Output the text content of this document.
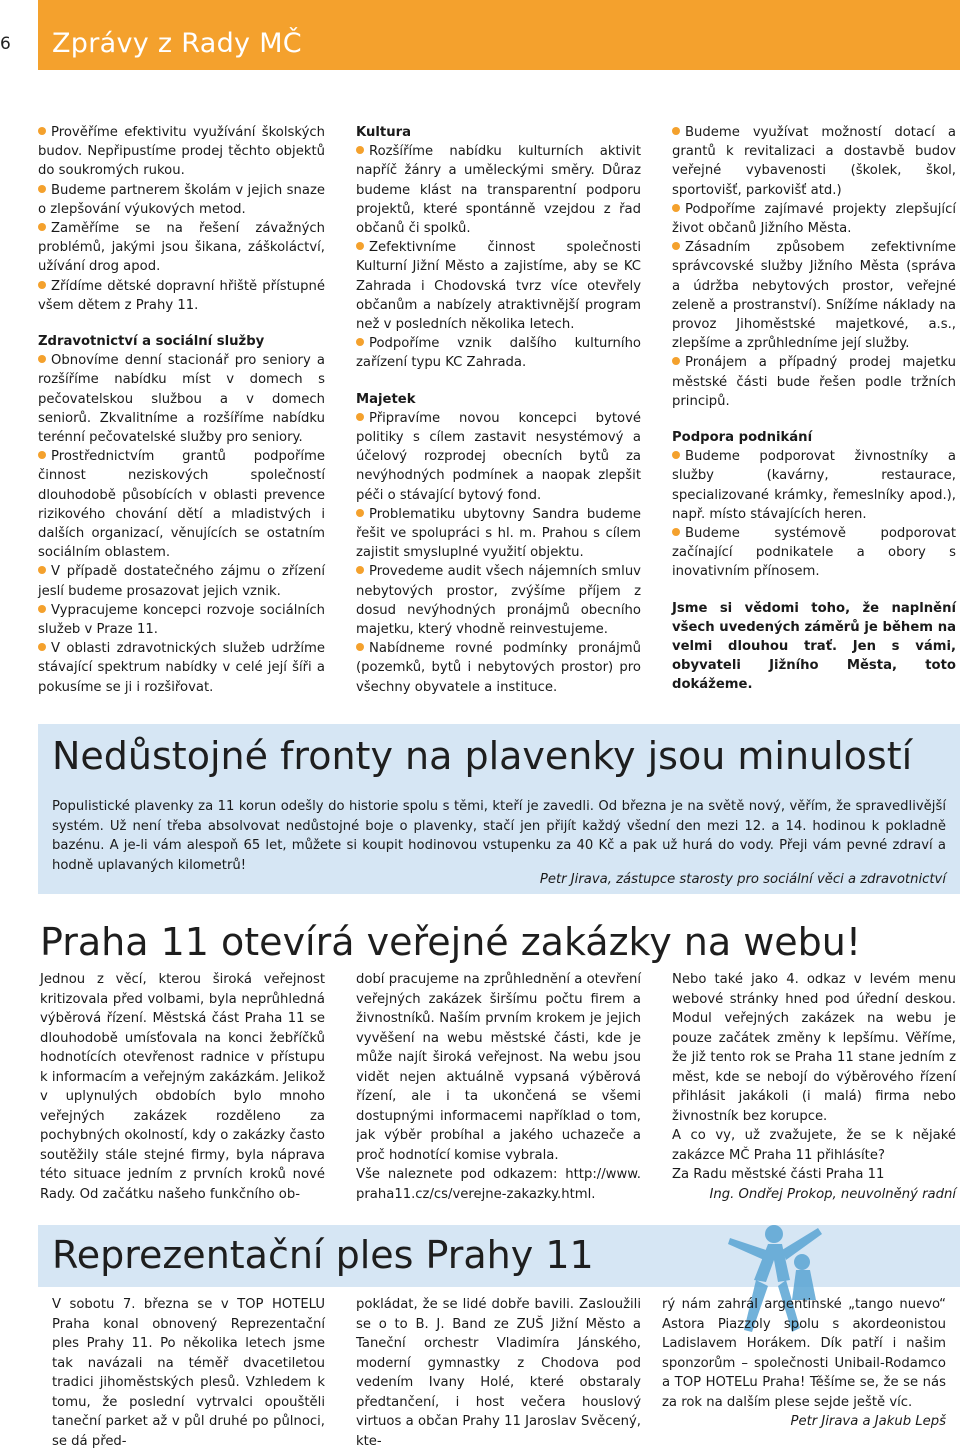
6 Zprávy z Rady MČ

Prověříme efektivitu využívání školských budov. Nepřipustíme prodej těchto objektů do soukromých rukou.

Budeme partnerem školám v jejich snaze o zlepšování výukových metod.

Zaměříme se na řešení závažných problémů, jakými jsou šikana, záškoláctví, užívání drog apod.

Zřídíme dětské dopravní hřiště přístupné všem dětem z Prahy 11.

Zdravotnictví a sociální služby

Obnovíme denní stacionář pro seniory a rozšíříme nabídku míst v domech s pečovatelskou službou a v domech seniorů. Zkvalitníme a rozšíříme nabídku terénní pečovatelské služby pro seniory.

Prostřednictvím grantů podpoříme činnost neziskových společností dlouhodobě působících v oblasti prevence rizikového chování dětí a mladistvých i dalších organizací, věnujících se ostatním sociálním oblastem.

V případě dostatečného zájmu o zřízení jeslí budeme prosazovat jejich vznik.

Vypracujeme koncepci rozvoje sociálních služeb v Praze 11.

V oblasti zdravotnických služeb udržíme stávající spektrum nabídky v celé její šíři a pokusíme se ji i rozšiřovat.

Kultura

Rozšíříme nabídku kulturních aktivit napříč žánry a uměleckými směry. Důraz budeme klást na transparentní podporu projektů, které spontánně vzejdou z řad občanů či spolků.

Zefektivníme činnost společnosti Kulturní Jižní Město a zajistíme, aby se KC Zahrada i Chodovská tvrz více otevřely občanům a nabízely atraktivnější program než v posledních několika letech.

Podpoříme vznik dalšího kulturního zařízení typu KC Zahrada.

Majetek

Připravíme novou koncepci bytové politiky s cílem zastavit nesystémový a účelový rozprodej obecních bytů za nevýhodných podmínek a naopak zlepšit péči o stávající bytový fond.

Problematiku ubytovny Sandra budeme řešit ve spolupráci s hl. m. Prahou s cílem zajistit smysluplné využití objektu.

Provedeme audit všech nájemních smluv nebytových prostor, zvýšíme příjem z dosud nevýhodných pronájmů obecního majetku, který vhodně reinvestujeme.

Nabídneme rovné podmínky pronájmů (pozemků, bytů i nebytových prostor) pro všechny obyvatele a instituce.

Budeme využívat možností dotací a grantů k revitalizaci a dostavbě budov veřejné vybavenosti (školek, škol, sportovišť, parkovišť atd.)

Podpoříme zajímavé projekty zlepšující život občanů Jižního Města.

Zásadním způsobem zefektivníme správcovské služby Jižního Města (správa a údržba nebytových prostor, veřejné zeleně a prostranství). Snížíme náklady na provoz Jihoměstské majetkové, a.s., zlepšíme a zprůhledníme její služby.

Pronájem a případný prodej majetku městské části bude řešen podle tržních principů.

Podpora podnikání

Budeme podporovat živnostníky a služby (kavárny, restaurace, specializované krámky, řemeslníky apod.), např. místo stávajících heren.

Budeme systémově podporovat začínající podnikatele a obory s inovativním přínosem.

Jsme si vědomi toho, že naplnění všech uvedených záměrů je během na velmi dlouhou trať. Jen s vámi, obyvateli Jižního Města, toto dokážeme.

Nedůstojné fronty na plavenky jsou minulostí

Populistické plavenky za 11 korun odešly do historie spolu s těmi, kteří je zavedli. Od března je na světě nový, věřím, že spravedlivější systém. Už není třeba absolvovat nedůstojné boje o plavenky, stačí jen přijít každý všední den mezi 12. a 14. hodinou k pokladně bazénu. A je-li vám alespoň 65 let, můžete si koupit hodinovou vstupenku za 40 Kč a pak už hurá do vody. Přeji vám pevné zdraví a hodně uplavaných kilometrů!

Petr Jirava, zástupce starosty pro sociální věci a zdravotnictví
Praha 11 otevírá veřejné zakázky na webu!

Jednou z věcí, kterou široká veřejnost kritizovala před volbami, byla neprůhledná výběrová řízení. Městská část Praha 11 se dlouhodobě umísťovala na konci žebříčků hodnotících otevřenost radnice v přístupu k informacím a veřejným zakázkám. Jelikož v uplynulých obdobích bylo mnoho veřejných zakázek rozděleno za pochybných okolností, kdy o zakázky často soutěžily stále stejné firmy, byla náprava této situace jedním z prvních kroků nové Rady. Od začátku našeho funkčního ob-

dobí pracujeme na zprůhlednění a otevření veřejných zakázek širšímu počtu firem a živnostníků. Naším prvním krokem je jejich vyvěšení na webu městské části, kde je může najít široká veřejnost. Na webu jsou vidět nejen aktuálně vypsaná výběrová řízení, ale i ta ukončená se všemi dostupnými informacemi například o tom, jak výběr probíhal a jakého uchazeče a proč hodnotící komise vybrala.

Vše naleznete pod odkazem: http://www. praha11.cz/cs/verejne-zakazky.html.

Nebo také jako 4. odkaz v levém menu webové stránky hned pod úřední deskou. Modul veřejných zakázek na webu je pouze začátek změny k lepšímu. Věříme, že již tento rok se Praha 11 stane jedním z měst, kde se nebojí do výběrového řízení přihlásit jakákoli (i malá) firma nebo živnostník bez korupce.

A co vy, už zvažujete, že se k nějaké zakázce MČ Praha 11 přihlásíte?

Za Radu městské části Praha 11

Ing. Ondřej Prokop, neuvolněný radní

Reprezentační ples Prahy 11

V sobotu 7. března se v TOP HOTELU Praha konal obnovený Reprezentační ples Prahy 11. Po několika letech jsme tak navázali na téměř dvacetiletou tradici jihoměstských plesů. Vzhledem k tomu, že poslední vytrvalci opouštěli taneční parket až v půl druhé po půlnoci, se dá před-

pokládat, že se lidé dobře bavili. Zasloužili se o to B. J. Band ze ZUŠ Jižní Město a Taneční orchestr Vladimíra Jánského, moderní gymnastky z Chodova pod vedením Ivany Holé, které obstaraly předtančení, i host večera houslový virtuos a občan Prahy 11 Jaroslav Svěcený, kte-

rý nám zahrál argentinské „tango nuevo“ Astora Piazzoly spolu s akordeonistou Ladislavem Horákem. Dík patří i našim sponzorům – společnosti Unibail-Rodamco a TOP HOTELu Praha! Těšíme se, že se nás za rok na dalším plese sejde ještě víc.

Petr Jirava a Jakub Lepš
